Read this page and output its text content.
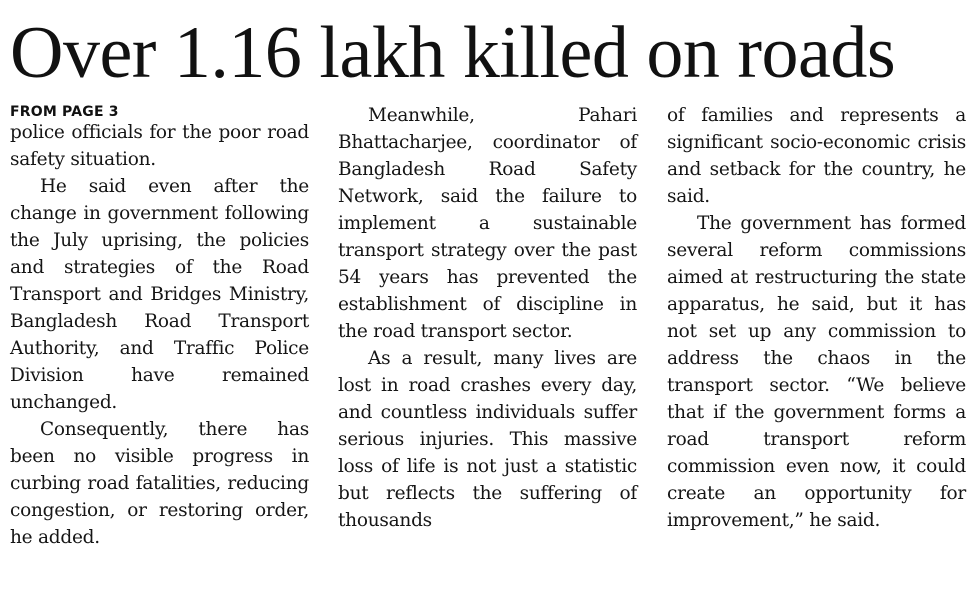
Over 1.16 lakh killed on roads
FROM PAGE 3

police officials for the poor road safety situation.

He said even after the change in government following the July uprising, the policies and strategies of the Road Transport and Bridges Ministry, Bangladesh Road Transport Authority, and Traffic Police Division have remained unchanged.

Consequently, there has been no visible progress in curbing road fatalities, reducing congestion, or restoring order, he added.

Meanwhile, Pahari Bhattacharjee, coordinator of Bangladesh Road Safety Network, said the failure to implement a sustainable transport strategy over the past 54 years has prevented the establishment of discipline in the road transport sector.

As a result, many lives are lost in road crashes every day, and countless individuals suffer serious injuries. This massive loss of life is not just a statistic but reflects the suffering of thousands

of families and represents a significant socio-economic crisis and setback for the country, he said.

The government has formed several reform commissions aimed at restructuring the state apparatus, he said, but it has not set up any commission to address the chaos in the transport sector. “We believe that if the government forms a road transport reform commission even now, it could create an opportunity for improvement,” he said.
